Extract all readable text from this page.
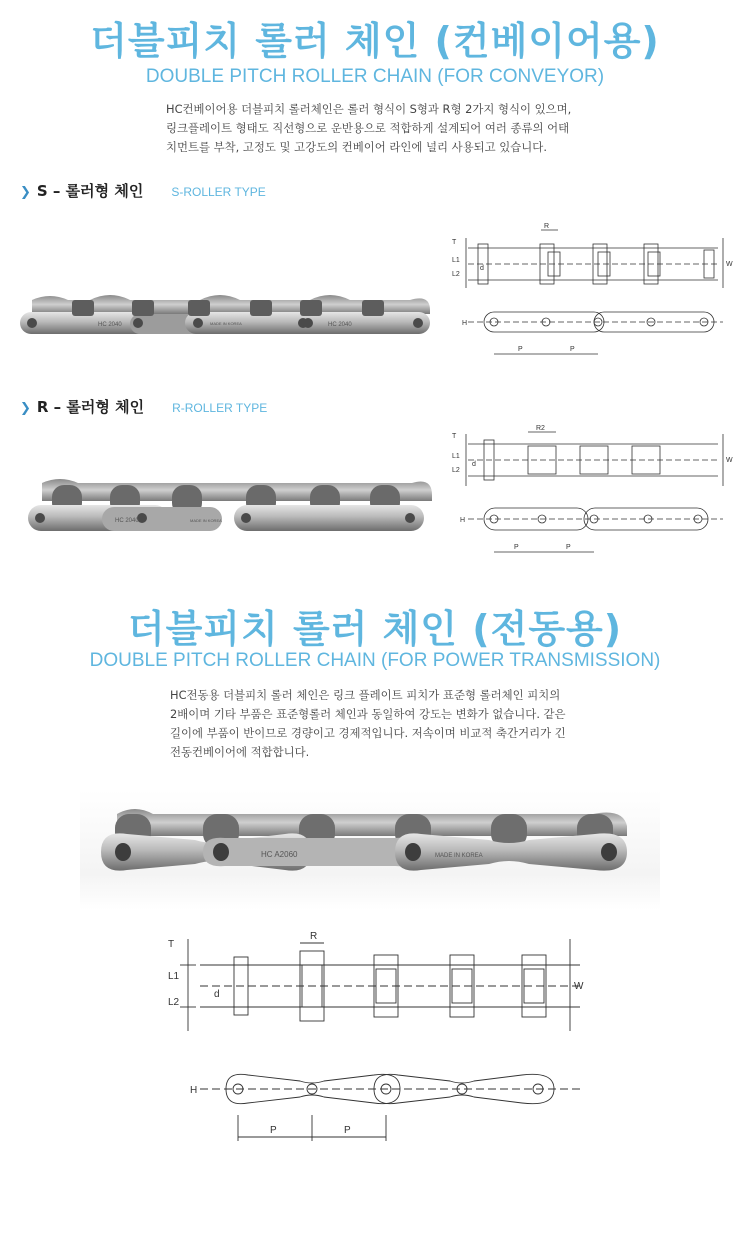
더블피치 롤러 체인 (컨베이어용)
DOUBLE PITCH ROLLER CHAIN (FOR CONVEYOR)

HC컨베이어용 더블피치 롤러체인은 롤러 형식이 S형과 R형 2가지 형식이 있으며,

링크플레이트 형태도 직선형으로 운반용으로 적합하게 설계되어 여러 종류의 어태

치먼트를 부착, 고정도 및 고강도의 컨베이어 라인에 널리 사용되고 있습니다.

❯ S – 롤러형 체인 S-ROLLER TYPE
HC 2040	MADE IN KOREA	HC 2040
R
L1
L2
d
T
W
H
P	P
❯ R – 롤러형 체인 R-ROLLER TYPE
HC 2040	MADE IN KOREA
R2
L1
L2
d
T
W
H
P	P
더블피치 롤러 체인 (전동용)
DOUBLE PITCH ROLLER CHAIN (FOR POWER TRANSMISSION)

HC전동용 더블피치 롤러 체인은 링크 플레이트 피치가 표준형 롤러체인 피치의

2배이며 기타 부품은 표준형롤러 체인과 동일하여 강도는 변화가 없습니다. 같은

길이에 부품이 반이므로 경량이고 경제적입니다. 저속이며 비교적 축간거리가 긴

전동컨베이어에 적합합니다.

HC A2060	MADE IN KOREA
R
L1
L2
d
T
W
H
P	P
